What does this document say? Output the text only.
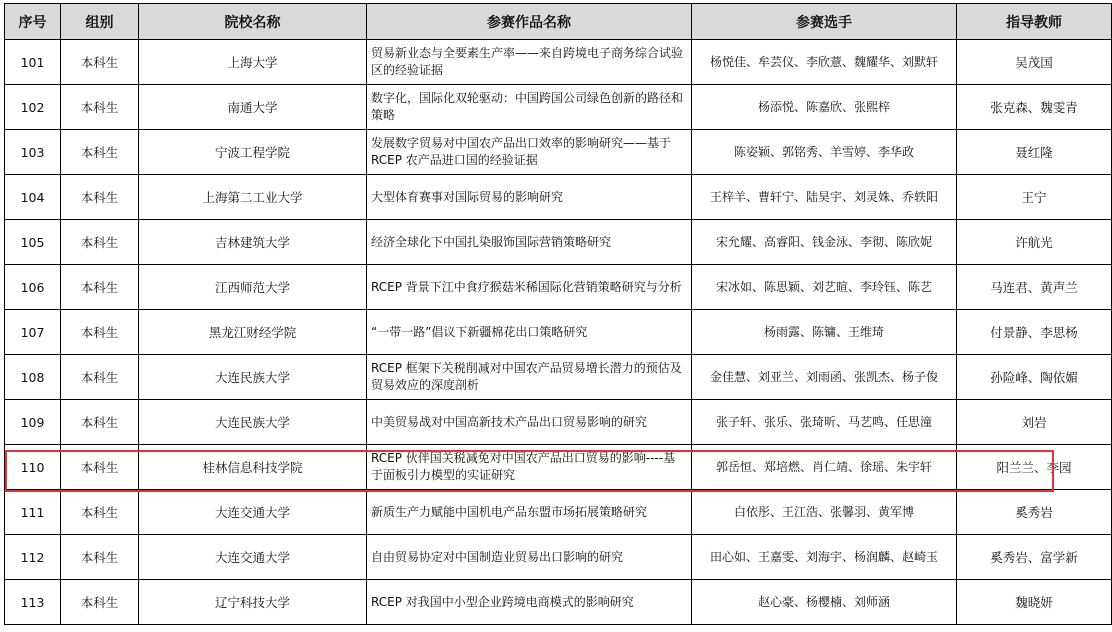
序号	组别	院校名称	参赛作品名称	参赛选手	指导教师
101	本科生	上海大学	贸易新业态与全要素生产率——来自跨境电子商务综合试验区的经验证据	杨悦佳、牟芸仪、李欣薏、魏耀华、刘默轩	吴茂国
102	本科生	南通大学	数字化，国际化双轮驱动：中国跨国公司绿色创新的路径和策略	杨添悦、陈嘉欣、张熙梓	张克森、魏雯青
103	本科生	宁波工程学院	发展数字贸易对中国农产品出口效率的影响研究——基于 RCEP 农产品进口国的经验证据	陈姿颖、郭铭秀、羊雪婷、李华政	聂红隆
104	本科生	上海第二工业大学	大型体育赛事对国际贸易的影响研究	王梓羊、曹轩宁、陆昊宇、刘灵姝、乔轶阳	王宁
105	本科生	吉林建筑大学	经济全球化下中国扎染服饰国际营销策略研究	宋允耀、高睿阳、钱金泳、李彻、陈欣妮	许航光
106	本科生	江西师范大学	RCEP 背景下江中食疗猴菇米稀国际化营销策略研究与分析	宋冰如、陈思颖、刘艺暄、李玲钰、陈艺	马连君、黄声兰
107	本科生	黑龙江财经学院	“一带一路”倡议下新疆棉花出口策略研究	杨雨露、陈镛、王维琦	付景静、李思杨
108	本科生	大连民族大学	RCEP 框架下关税削减对中国农产品贸易增长潜力的预估及贸易效应的深度剖析	金佳慧、刘亚兰、刘雨函、张凯杰、杨子俊	孙险峰、陶依媚
109	本科生	大连民族大学	中美贸易战对中国高新技术产品出口贸易影响的研究	张子轩、张乐、张琦昕、马艺鸣、任思潼	刘岩
110	本科生	桂林信息科技学院	RCEP 伙伴国关税减免对中国农产品出口贸易的影响----基于面板引力模型的实证研究	郭岳恒、郑培燃、肖仁靖、徐瑶、朱宇轩	阳兰兰、李园
111	本科生	大连交通大学	新质生产力赋能中国机电产品东盟市场拓展策略研究	白依彤、王江浩、张馨羽、黄军博	奚秀岩
112	本科生	大连交通大学	自由贸易协定对中国制造业贸易出口影响的研究	田心如、王嘉雯、刘海宇、杨润麟、赵崎玉	奚秀岩、富学新
113	本科生	辽宁科技大学	RCEP 对我国中小型企业跨境电商模式的影响研究	赵心豪、杨樱楠、刘师涵	魏晓妍
